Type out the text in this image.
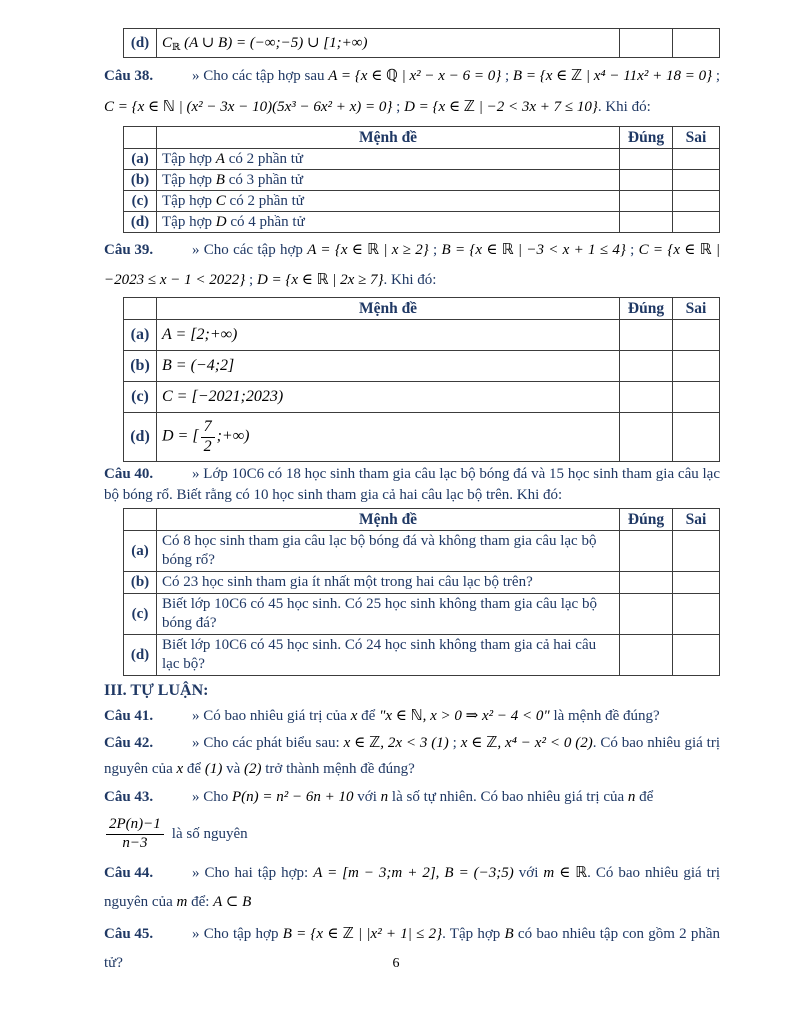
(d)	$C_ℝ$ (A ∪ B) = (−∞;−5) ∪ [1;+∞)		

Câu 38.	» Cho các tập hợp sau A = {x ∈ ℚ | x² − x − 6 = 0} ; B = {x ∈ ℤ | x⁴ − 11x² + 18 = 0} ; C = {x ∈ ℕ | (x² − 3x − 10)(5x³ − 6x² + x) = 0} ; D = {x ∈ ℤ | −2 < 3x + 7 ≤ 10}. Khi đó:

	Mệnh đề	Đúng	Sai
(a)	Tập hợp A có 2 phần tử		
(b)	Tập hợp B có 3 phần tử		
(c)	Tập hợp C có 2 phần tử		
(d)	Tập hợp D có 4 phần tử		

Câu 39.	» Cho các tập hợp A = {x ∈ ℝ | x ≥ 2} ; B = {x ∈ ℝ | −3 < x + 1 ≤ 4} ; C = {x ∈ ℝ | −2023 ≤ x − 1 < 2022} ; D = {x ∈ ℝ | 2x ≥ 7}. Khi đó:

	Mệnh đề	Đúng	Sai
(a)	A = [2;+∞)		
(b)	B = (−4;2]		
(c)	C = [−2021;2023)		
(d)	D = [ $\frac{7}{2}$ ;+∞)		

Câu 40.	» Lớp 10C6 có 18 học sinh tham gia câu lạc bộ bóng đá và 15 học sinh tham gia câu lạc bộ bóng rổ. Biết rằng có 10 học sinh tham gia cả hai câu lạc bộ trên. Khi đó:

	Mệnh đề	Đúng	Sai
(a)	Có 8 học sinh tham gia câu lạc bộ bóng đá và không tham gia câu lạc bộ bóng rổ?		
(b)	Có 23 học sinh tham gia ít nhất một trong hai câu lạc bộ trên?		
(c)	Biết lớp 10C6 có 45 học sinh. Có 25 học sinh không tham gia câu lạc bộ bóng đá?		
(d)	Biết lớp 10C6 có 45 học sinh. Có 24 học sinh không tham gia cả hai câu lạc bộ?		

III. TỰ LUẬN:

Câu 41.	» Có bao nhiêu giá trị của x để "x ∈ ℕ, x > 0 ⇒ x² − 4 < 0" là mệnh đề đúng?

Câu 42.	» Cho các phát biểu sau: x ∈ ℤ, 2x < 3 (1) ; x ∈ ℤ, x⁴ − x² < 0 (2). Có bao nhiêu giá trị nguyên của x để (1) và (2) trở thành mệnh đề đúng?

Câu 43.	» Cho P(n) = n² − 6n + 10 với n là số tự nhiên. Có bao nhiêu giá trị của n để

$\frac{2P(n)-1}{n-3}$ là số nguyên

Câu 44.	» Cho hai tập hợp: A = [m − 3;m + 2], B = (−3;5) với m ∈ ℝ. Có bao nhiêu giá trị nguyên của m để: A ⊂ B

Câu 45.	» Cho tập hợp B = {x ∈ ℤ | |x² + 1| ≤ 2}. Tập hợp B có bao nhiêu tập con gồm 2 phần tử?	6
